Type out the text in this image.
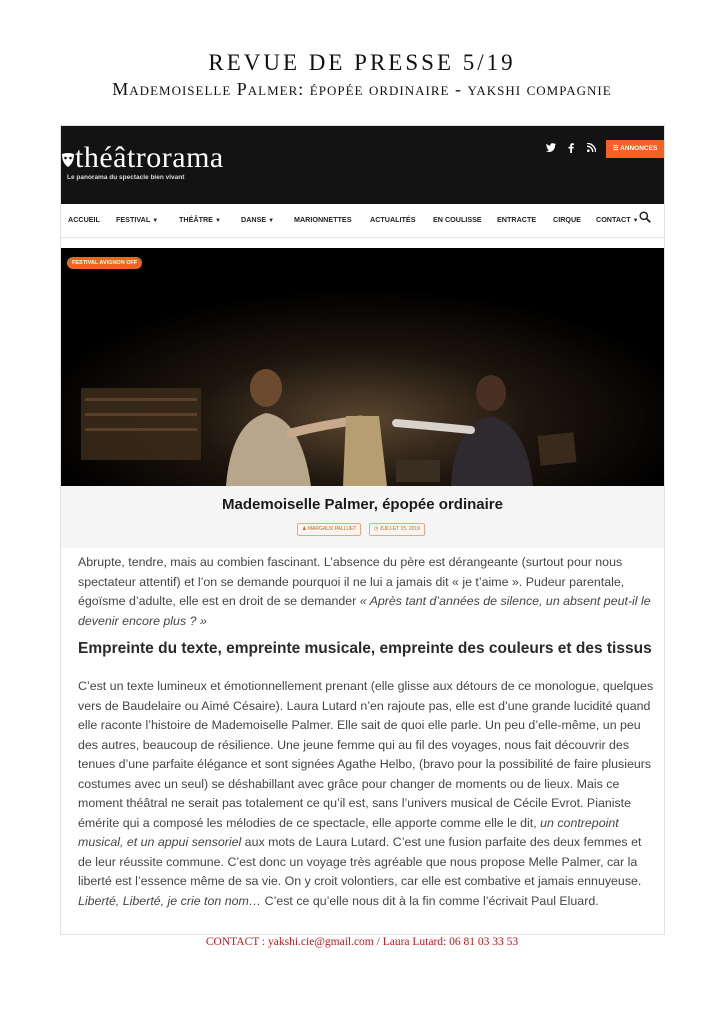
REVUE DE PRESSE 5/19
Mademoiselle Palmer: épopée ordinaire - yakshi compagnie
théâtrorama
Le panorama du spectacle bien vivant
☰ ANNONCES
ACCUEIL FESTIVAL ▼	THÉÂTRE ▼	DANSE ▼	MARIONNETTES	ACTUALITÉS EN COULISSE ENTRACTE CIRQUE CONTACT ▼
FESTIVAL AVIGNON OFF
Mademoiselle Palmer, épopée ordinaire
♟ MARGAUX PALLUET	◷ JUILLET 15, 2019

Abrupte, tendre, mais au combien fascinant. L’absence du père est dérangeante (surtout pour nous spectateur attentif) et l’on se demande pourquoi il ne lui a jamais dit « je t’aime ». Pudeur parentale, égoïsme d’adulte, elle est en droit de se demander « Après tant d’années de silence, un absent peut-il le devenir encore plus ? »

Empreinte du texte, empreinte musicale, empreinte des couleurs et des tissus

C’est un texte lumineux et émotionnellement prenant (elle glisse aux détours de ce monologue, quelques vers de Baudelaire ou Aimé Césaire). Laura Lutard n’en rajoute pas, elle est d’une grande lucidité quand elle raconte l’histoire de Mademoiselle Palmer. Elle sait de quoi elle parle. Un peu d’elle-même, un peu des autres, beaucoup de résilience. Une jeune femme qui au fil des voyages, nous fait découvrir des tenues d’une parfaite élégance et sont signées Agathe Helbo, (bravo pour la possibilité de faire plusieurs costumes avec un seul) se déshabillant avec grâce pour changer de moments ou de lieux. Mais ce moment théâtral ne serait pas totalement ce qu’il est, sans l’univers musical de Cécile Evrot. Pianiste émérite qui a composé les mélodies de ce spectacle, elle apporte comme elle le dit, un contrepoint musical, et un appui sensoriel aux mots de Laura Lutard. C’est une fusion parfaite des deux femmes et de leur réussite commune. C’est donc un voyage très agréable que nous propose Melle Palmer, car la liberté est l’essence même de sa vie. On y croit volontiers, car elle est combative et jamais ennuyeuse. Liberté, Liberté, je crie ton nom… C’est ce qu’elle nous dit à la fin comme l’écrivait Paul Eluard.

CONTACT : yakshi.cie@gmail.com / Laura Lutard: 06 81 03 33 53
